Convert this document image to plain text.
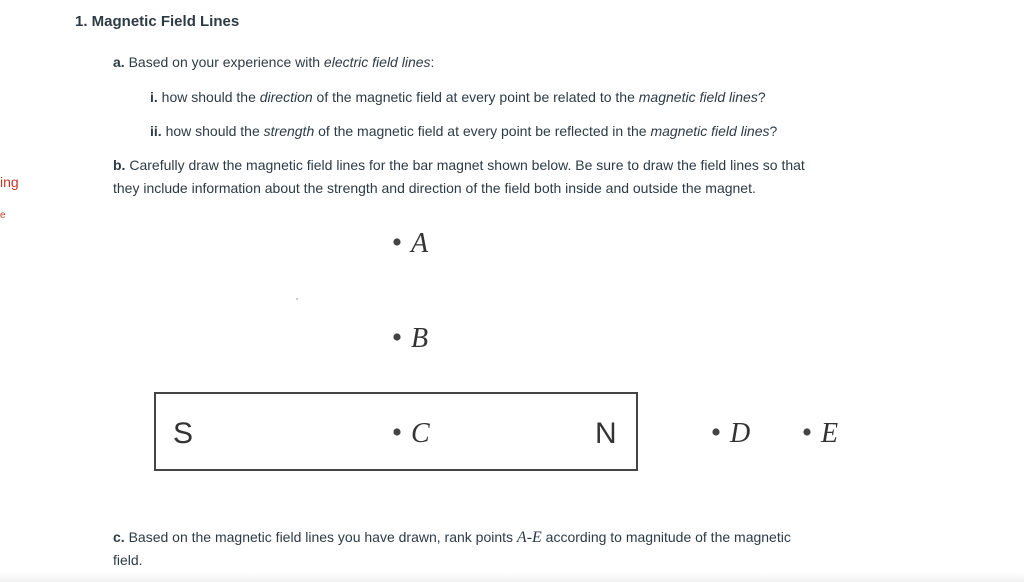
ing
e
1. Magnetic Field Lines
a. Based on your experience with electric field lines:
i. how should the direction of the magnetic field at every point be related to the magnetic field lines?
ii. how should the strength of the magnetic field at every point be reflected in the magnetic field lines?
b. Carefully draw the magnetic field lines for the bar magnet shown below. Be sure to draw the field lines so that
they include information about the strength and direction of the field both inside and outside the magnet.
A
B
S	N
C	D	E
c. Based on the magnetic field lines you have drawn, rank points A-E according to magnitude of the magnetic
field.
